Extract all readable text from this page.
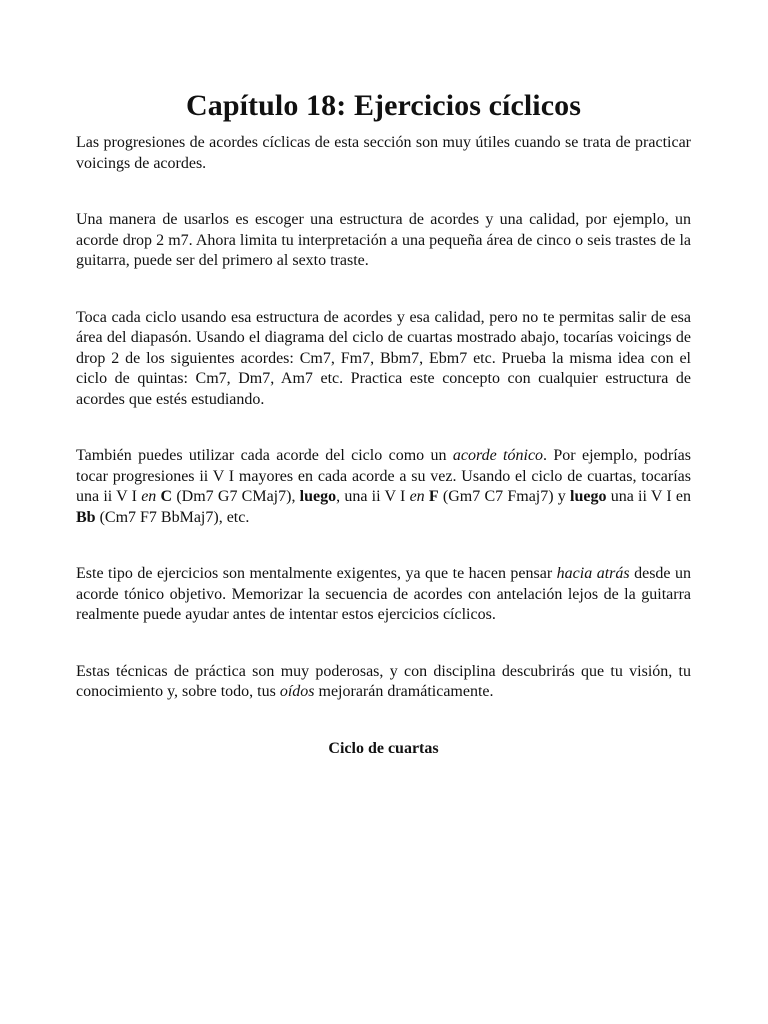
Capítulo 18: Ejercicios cíclicos

Las progresiones de acordes cíclicas de esta sección son muy útiles cuando se trata de practicar voicings de acordes.

Una manera de usarlos es escoger una estructura de acordes y una calidad, por ejemplo, un acorde drop 2 m7. Ahora limita tu interpretación a una pequeña área de cinco o seis trastes de la guitarra, puede ser del primero al sexto traste.

Toca cada ciclo usando esa estructura de acordes y esa calidad, pero no te permitas salir de esa área del diapasón. Usando el diagrama del ciclo de cuartas mostrado abajo, tocarías voicings de drop 2 de los siguientes acordes: Cm7, Fm7, Bbm7, Ebm7 etc. Prueba la misma idea con el ciclo de quintas: Cm7, Dm7, Am7 etc. Practica este concepto con cualquier estructura de acordes que estés estudiando.

También puedes utilizar cada acorde del ciclo como un acorde tónico. Por ejemplo, podrías tocar progresiones ii V I mayores en cada acorde a su vez. Usando el ciclo de cuartas, tocarías una ii V I en C (Dm7 G7 CMaj7), luego, una ii V I en F (Gm7 C7 Fmaj7) y luego una ii V I en Bb (Cm7 F7 BbMaj7), etc.

Este tipo de ejercicios son mentalmente exigentes, ya que te hacen pensar hacia atrás desde un acorde tónico objetivo. Memorizar la secuencia de acordes con antelación lejos de la guitarra realmente puede ayudar antes de intentar estos ejercicios cíclicos.

Estas técnicas de práctica son muy poderosas, y con disciplina descubrirás que tu visión, tu conocimiento y, sobre todo, tus oídos mejorarán dramáticamente.

Ciclo de cuartas
